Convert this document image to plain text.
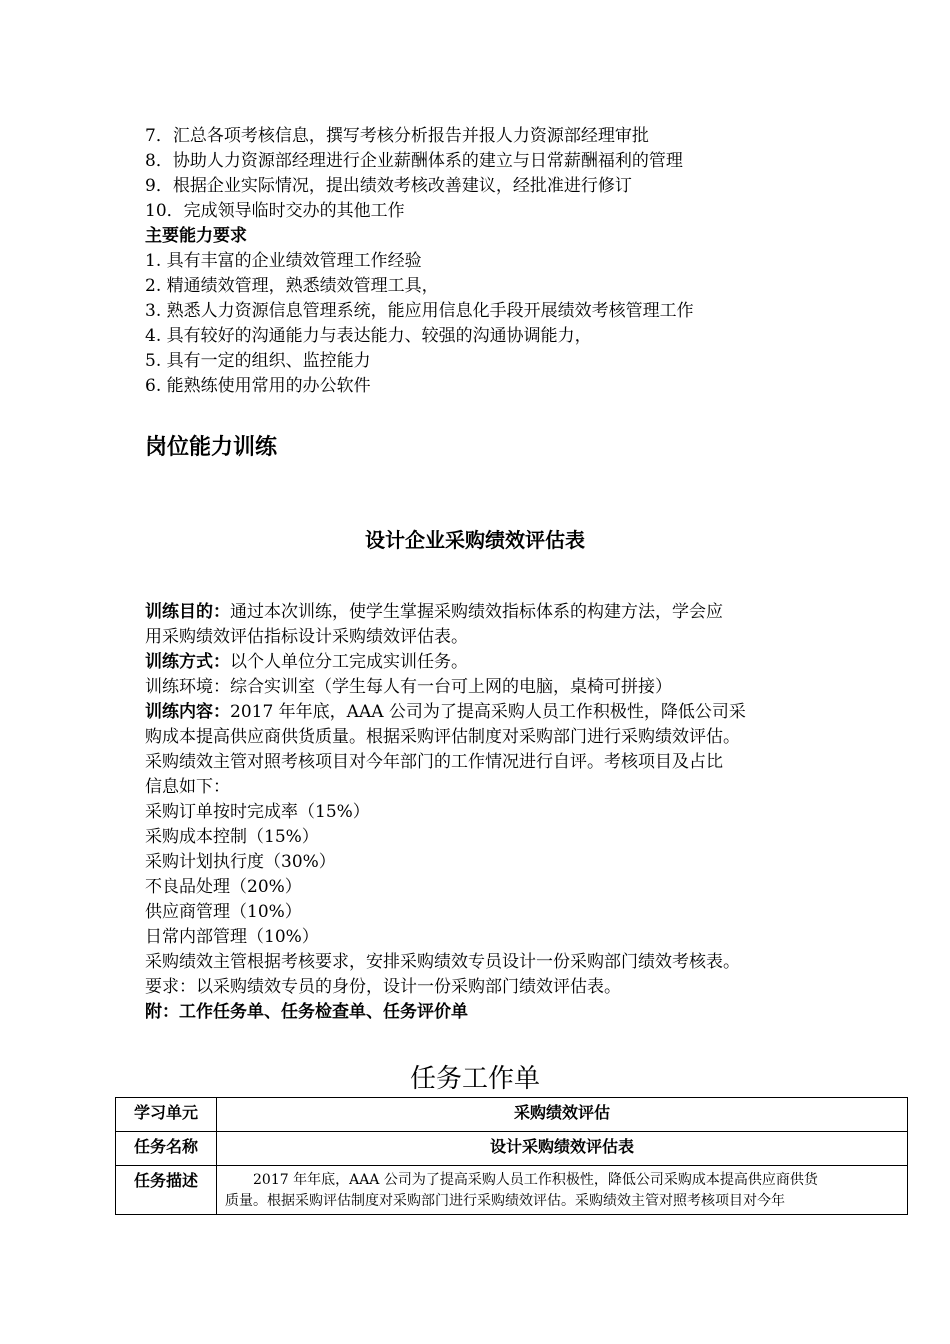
7．汇总各项考核信息，撰写考核分析报告并报人力资源部经理审批
8．协助人力资源部经理进行企业薪酬体系的建立与日常薪酬福利的管理
9．根据企业实际情况，提出绩效考核改善建议，经批准进行修订
10．完成领导临时交办的其他工作
主要能力要求
1. 具有丰富的企业绩效管理工作经验
2. 精通绩效管理，熟悉绩效管理工具，
3. 熟悉人力资源信息管理系统，能应用信息化手段开展绩效考核管理工作
4. 具有较好的沟通能力与表达能力、较强的沟通协调能力，
5. 具有一定的组织、监控能力
6. 能熟练使用常用的办公软件
岗位能力训练
设计企业采购绩效评估表
训练目的：通过本次训练，使学生掌握采购绩效指标体系的构建方法，学会应
用采购绩效评估指标设计采购绩效评估表。
训练方式：以个人单位分工完成实训任务。
训练环境：综合实训室（学生每人有一台可上网的电脑，桌椅可拼接）
训练内容：2017 年年底，AAA 公司为了提高采购人员工作积极性，降低公司采
购成本提高供应商供货质量。根据采购评估制度对采购部门进行采购绩效评估。
采购绩效主管对照考核项目对今年部门的工作情况进行自评。考核项目及占比
信息如下：
采购订单按时完成率（15%）
采购成本控制（15%）
采购计划执行度（30%）
不良品处理（20%）
供应商管理（10%）
日常内部管理（10%）
采购绩效主管根据考核要求，安排采购绩效专员设计一份采购部门绩效考核表。
要求：以采购绩效专员的身份，设计一份采购部门绩效评估表。
附：工作任务单、任务检查单、任务评价单
任务工作单
学习单元	采购绩效评估
任务名称	设计采购绩效评估表
任务描述	2017 年年底，AAA 公司为了提高采购人员工作积极性，降低公司采购成本提高供应商供货
质量。根据采购评估制度对采购部门进行采购绩效评估。采购绩效主管对照考核项目对今年
